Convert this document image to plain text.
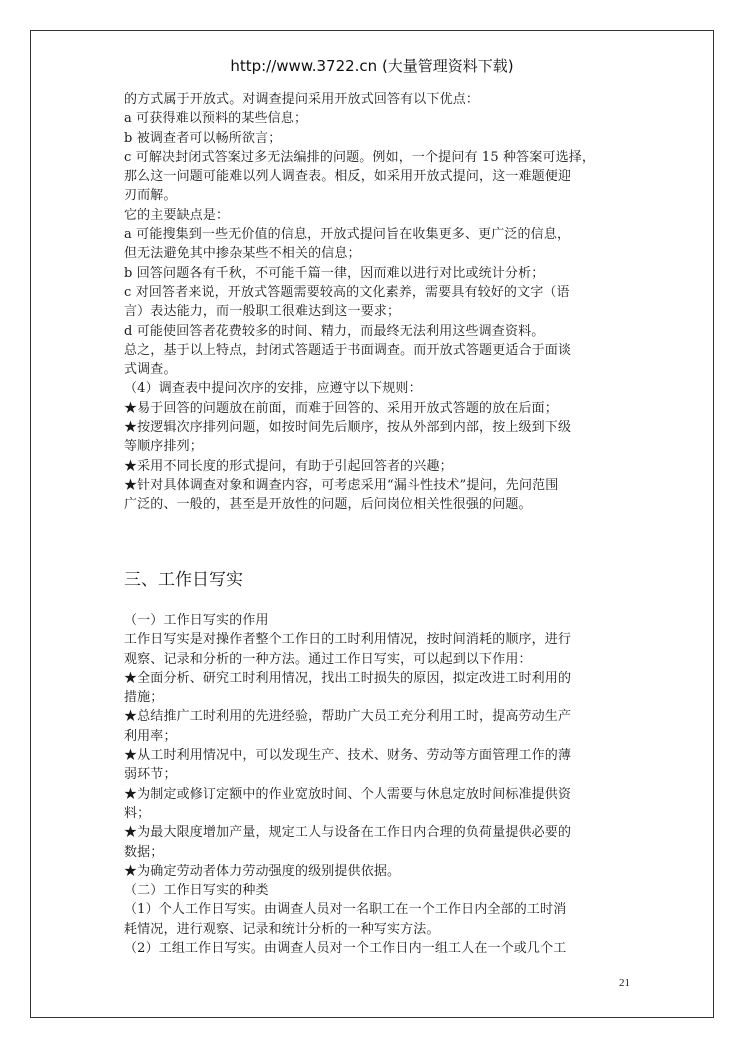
http://www.3722.cn (大量管理资料下载)
的方式属于开放式。对调查提问采用开放式回答有以下优点：
a 可获得难以预料的某些信息；
b 被调查者可以畅所欲言；
c 可解决封闭式答案过多无法编排的问题。例如，一个提问有 15 种答案可选择，
那么这一问题可能难以列人调查表。相反，如采用开放式提问，这一难题便迎
刃而解。
它的主要缺点是：
a 可能搜集到一些无价值的信息，开放式提问旨在收集更多、更广泛的信息，
但无法避免其中掺杂某些不相关的信息；
b 回答问题各有千秋，不可能千篇一律，因而难以进行对比或统计分析；
c 对回答者来说，开放式答题需要较高的文化素养，需要具有较好的文字（语
言）表达能力，而一般职工很难达到这一要求；
d 可能使回答者花费较多的时间、精力，而最终无法利用这些调查资料。
总之，基于以上特点，封闭式答题适于书面调查。而开放式答题更适合于面谈
式调查。
（4）调查表中提问次序的安排，应遵守以下规则：
★易于回答的问题放在前面，而难于回答的、采用开放式答题的放在后面；
★按逻辑次序排列问题，如按时间先后顺序，按从外部到内部，按上级到下级
等顺序排列；
★采用不同长度的形式提问，有助于引起回答者的兴趣；
★针对具体调查对象和调查内容，可考虑采用“漏斗性技术”提问，先问范围
广泛的、一般的，甚至是开放性的问题，后问岗位相关性很强的问题。
三、工作日写实
（一）工作日写实的作用
工作日写实是对操作者整个工作日的工时利用情况，按时间消耗的顺序，进行
观察、记录和分析的一种方法。通过工作日写实，可以起到以下作用：
★全面分析、研究工时利用情况，找出工时损失的原因，拟定改进工时利用的
措施；
★总结推广工时利用的先进经验，帮助广大员工充分利用工时，提高劳动生产
利用率；
★从工时利用情况中，可以发现生产、技术、财务、劳动等方面管理工作的薄
弱环节；
★为制定或修订定额中的作业宽放时间、个人需要与休息定放时间标准提供资
料；
★为最大限度增加产量，规定工人与设备在工作日内合理的负荷量提供必要的
数据；
★为确定劳动者体力劳动强度的级别提供依据。
（二）工作日写实的种类
（1）个人工作日写实。由调查人员对一名职工在一个工作日内全部的工时消
耗情况，进行观察、记录和统计分析的一种写实方法。
（2）工组工作日写实。由调查人员对一个工作日内一组工人在一个或几个工
21
